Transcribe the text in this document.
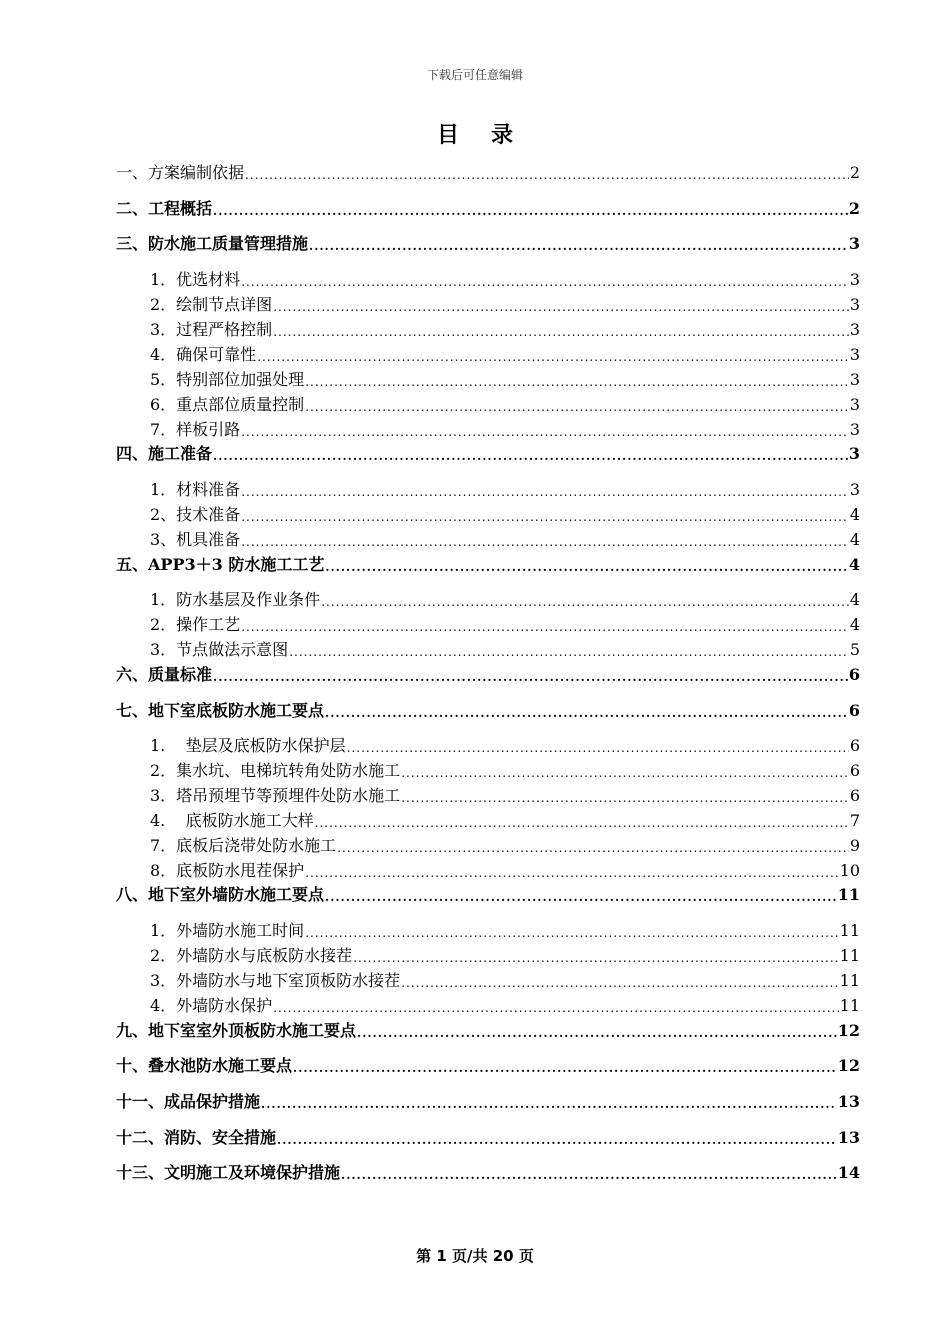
下载后可任意编辑
目 录
一、方案编制依据 .....	2
二、工程概括 .....	2
三、防水施工质量管理措施 .....	3
1．优选材料 .....	3
2．绘制节点详图 .....	3
3．过程严格控制 .....	3
4．确保可靠性 .....	3
5．特别部位加强处理 .....	3
6．重点部位质量控制 .....	3
7．样板引路 .....	3
四、施工准备 .....	3
1．材料准备 .....	3
2、技术准备 .....	4
3、机具准备 .....	4
五、APP3＋3 防水施工工艺 .....	4
1．防水基层及作业条件 .....	4
2．操作工艺 .....	4
3．节点做法示意图 .....	5
六、质量标准 .....	6
七、地下室底板防水施工要点 .....	6
1.    垫层及底板防水保护层 .....	6
2．集水坑、电梯坑转角处防水施工 .....	6
3．塔吊预埋节等预埋件处防水施工 .....	6
4.    底板防水施工大样 .....	7
7．底板后浇带处防水施工 .....	9
8．底板防水甩茬保护 .....	10
八、地下室外墙防水施工要点 .....	11
1．外墙防水施工时间 .....	11
2．外墙防水与底板防水接茬 .....	11
3．外墙防水与地下室顶板防水接茬 .....	11
4．外墙防水保护 .....	11
九、地下室室外顶板防水施工要点 .....	12
十、叠水池防水施工要点 .....	12
十一、成品保护措施 .....	13
十二、消防、安全措施 .....	13
十三、文明施工及环境保护措施 .....	14
第 1 页/共 20 页
